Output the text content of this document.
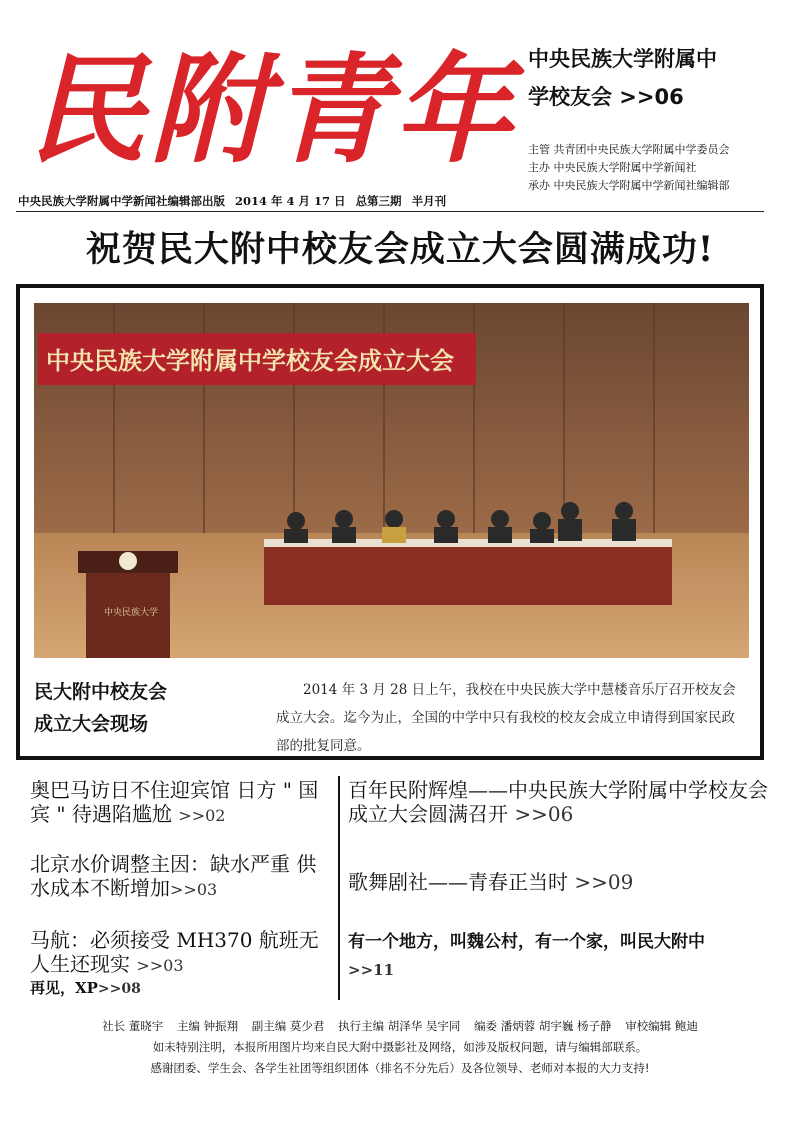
民附青年
中央民族大学附属中学新闻社编辑部出版 2014 年 4 月 17 日 总第三期 半月刊
中央民族大学附属中
学校友会 >>06
主管 共青团中央民族大学附属中学委员会
主办 中央民族大学附属中学新闻社
承办 中央民族大学附属中学新闻社编辑部
祝贺民大附中校友会成立大会圆满成功!
中央民族大学附属中学校友会成立大会
中央民族大学
民大附中校友会
成立大会现场
2014 年 3 月 28 日上午，我校在中央民族大学中慧楼音乐厅召开校友会成立大会。迄今为止，全国的中学中只有我校的校友会成立申请得到国家民政部的批复同意。
奥巴马访日不住迎宾馆 日方 " 国宾 " 待遇陷尴尬 >>02
北京水价调整主因：缺水严重 供水成本不断增加>>03
马航：必须接受 MH370 航班无人生还现实 >>03
再见，XP>>08
百年民附辉煌——中央民族大学附属中学校友会成立大会圆满召开 >>06
歌舞剧社——青春正当时 >>09
有一个地方，叫魏公村，有一个家，叫民大附中
>>11
社长 董晓宇 主编 钟振翔 副主编 莫少君 执行主编 胡泽华 吴宇同 编委 潘炳蓉 胡宇巍 杨子静 审校编辑 鲍迪
如未特别注明，本报所用图片均来自民大附中摄影社及网络，如涉及版权问题，请与编辑部联系。
感谢团委、学生会、各学生社团等组织团体（排名不分先后）及各位领导、老师对本报的大力支持!
